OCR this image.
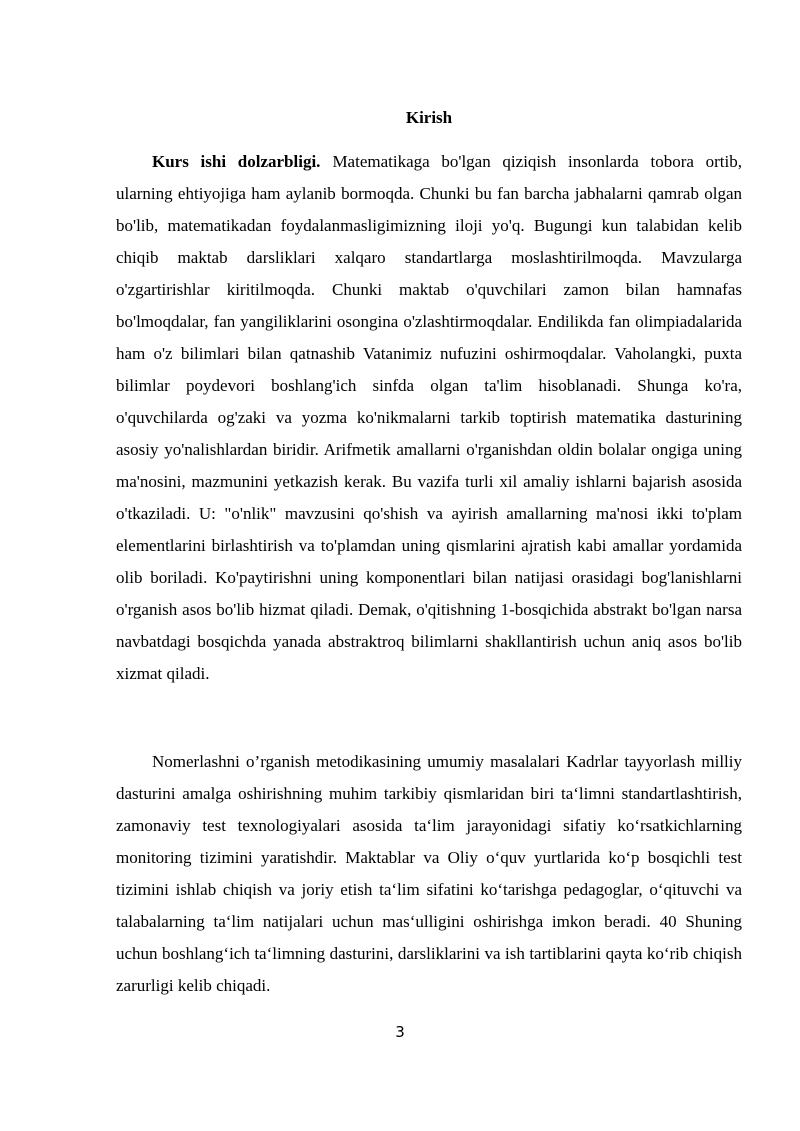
Kirish

Kurs ishi dolzarbligi. Matematikaga bo'lgan qiziqish insonlarda tobora ortib, ularning ehtiyojiga ham aylanib bormoqda. Chunki bu fan barcha jabhalarni qamrab olgan bo'lib, matematikadan foydalanmasligimizning iloji yo'q. Bugungi kun talabidan kelib chiqib maktab darsliklari xalqaro standartlarga moslashtirilmoqda. Mavzularga o'zgartirishlar kiritilmoqda. Chunki maktab o'quvchilari zamon bilan hamnafas bo'lmoqdalar, fan yangiliklarini osongina o'zlashtirmoqdalar. Endilikda fan olimpiadalarida ham o'z bilimlari bilan qatnashib Vatanimiz nufuzini oshirmoqdalar. Vaholangki, puxta bilimlar poydevori boshlang'ich sinfda olgan ta'lim hisoblanadi. Shunga ko'ra, o'quvchilarda og'zaki va yozma ko'nikmalarni tarkib toptirish matematika dasturining asosiy yo'nalishlardan biridir. Arifmetik amallarni o'rganishdan oldin bolalar ongiga uning ma'nosini, mazmunini yetkazish kerak. Bu vazifa turli xil amaliy ishlarni bajarish asosida o'tkaziladi. U: "o'nlik" mavzusini qo'shish va ayirish amallarning ma'nosi ikki to'plam elementlarini birlashtirish va to'plamdan uning qismlarini ajratish kabi amallar yordamida olib boriladi. Ko'paytirishni uning komponentlari bilan natijasi orasidagi bog'lanishlarni o'rganish asos bo'lib hizmat qiladi. Demak, o'qitishning 1-bosqichida abstrakt bo'lgan narsa navbatdagi bosqichda yanada abstraktroq bilimlarni shakllantirish uchun aniq asos bo'lib xizmat qiladi.

Nomerlashni o’rganish metodikasining umumiy masalalari Kadrlar tayyorlash milliy dasturini amalga oshirishning muhim tarkibiy qismlaridan biri ta‘limni standartlashtirish, zamonaviy test texnologiyalari asosida ta‘lim jarayonidagi sifatiy ko‘rsatkichlarning monitoring tizimini yaratishdir. Maktablar va Oliy o‘quv yurtlarida ko‘p bosqichli test tizimini ishlab chiqish va joriy etish ta‘lim sifatini ko‘tarishga pedagoglar, o‘qituvchi va talabalarning ta‘lim natijalari uchun mas‘ulligini oshirishga imkon beradi. 40 Shuning uchun boshlang‘ich ta‘limning dasturini, darsliklarini va ish tartiblarini qayta ko‘rib chiqish zarurligi kelib chiqadi.

3
